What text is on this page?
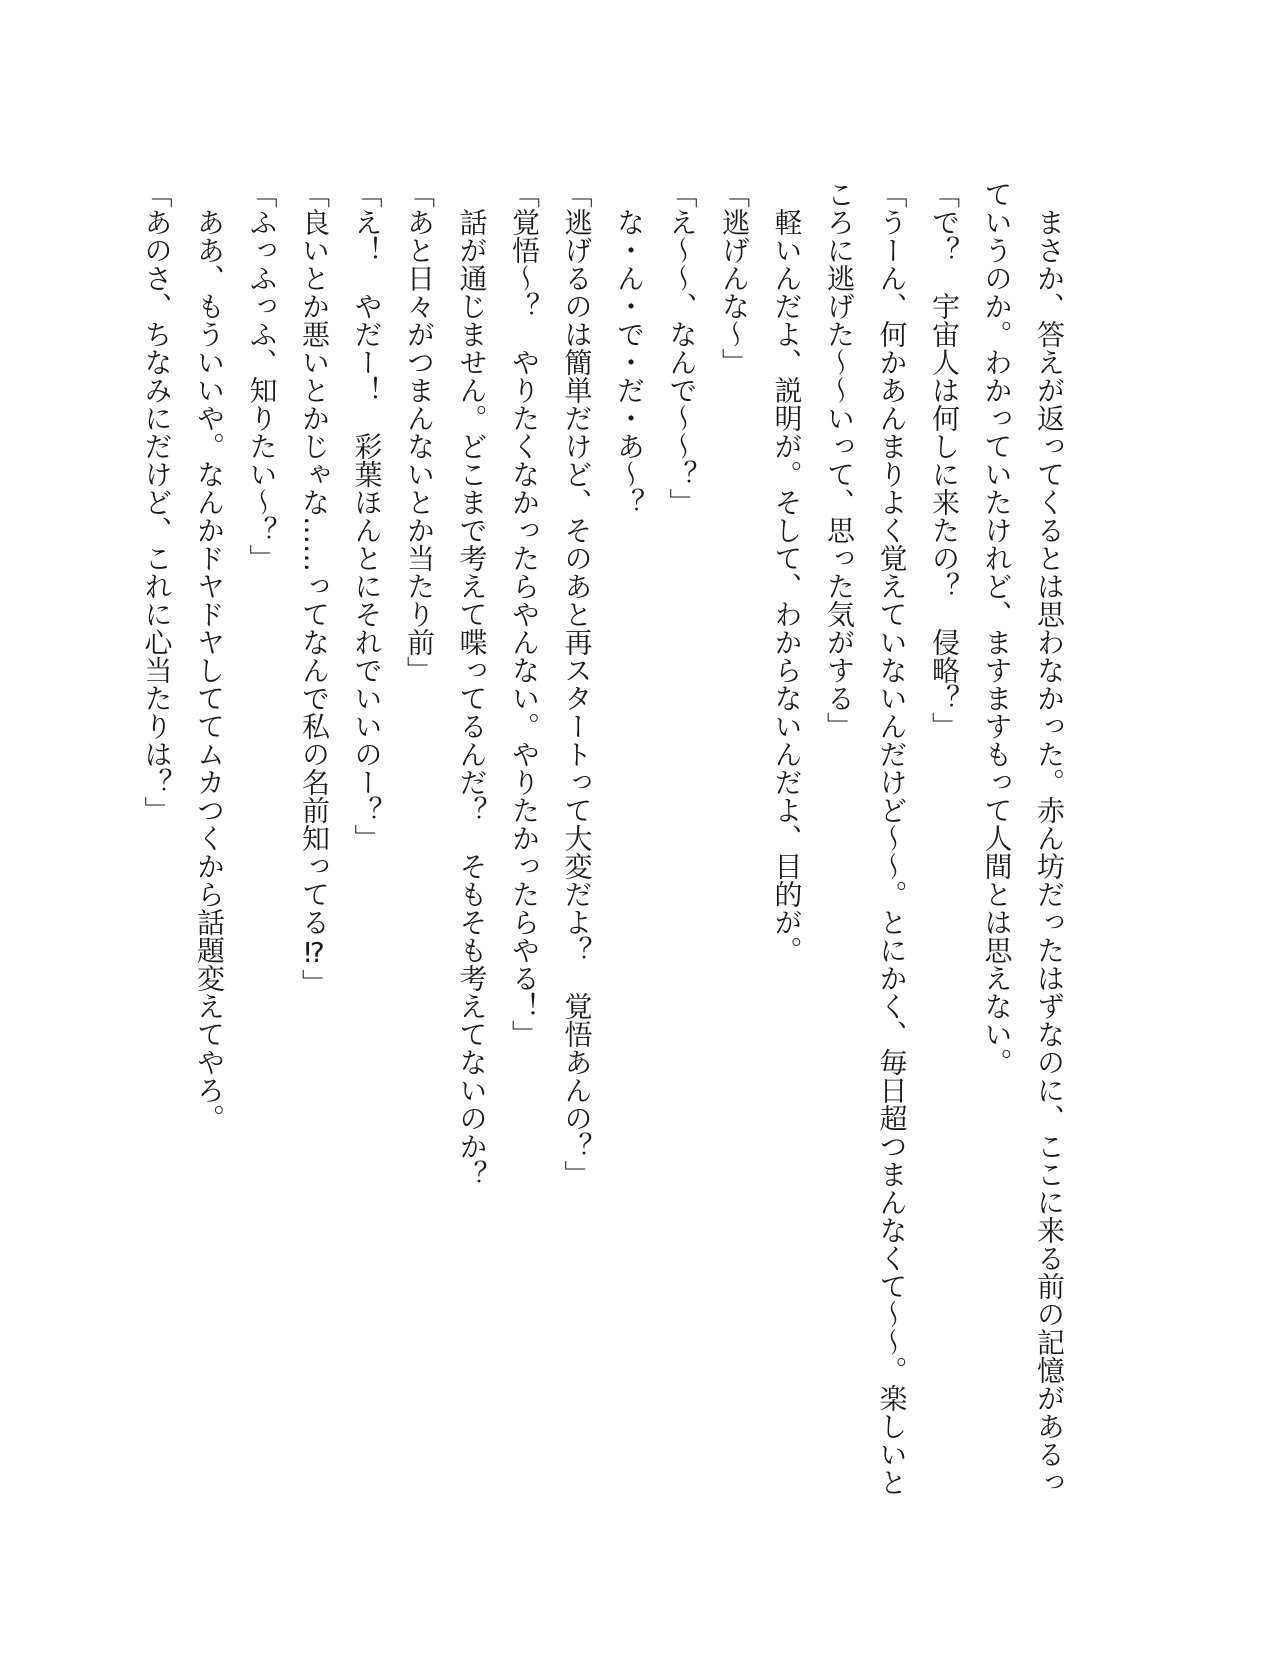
　まさか、答えが返ってくるとは思わなかった。赤ん坊だったはずなのに、ここに来る前の記憶があるっていうのか。わかっていたけれど、ますますもって人間とは思えない。
「で？　宇宙人は何しに来たの？　侵略？」
「うーん、何かあんまりよく覚えていないんだけど〜〜。とにかく、毎日超つまんなくて〜〜。楽しいところに逃げた〜〜いって、思った気がする」
　軽いんだよ、説明が。そして、わからないんだよ、目的が。
「逃げんな〜」
「え〜〜、なんで〜〜？」
　な・ん・で・だ・あ〜？
「逃げるのは簡単だけど、そのあと再スタートって大変だよ？　覚悟あんの？」
「覚悟〜？　やりたくなかったらやんない。やりたかったらやる！」
　話が通じません。どこまで考えて喋ってるんだ？　そもそも考えてないのか？
「あと日々がつまんないとか当たり前」
「え！　やだー！　彩葉ほんとにそれでいいのー？」
「良いとか悪いとかじゃな……ってなんで私の名前知ってる⁉」
「ふっふっふ、知りたい〜？」
　ああ、もういいや。なんかドヤドヤしててムカつくから話題変えてやろ。
「あのさ、ちなみにだけど、これに心当たりは？」
